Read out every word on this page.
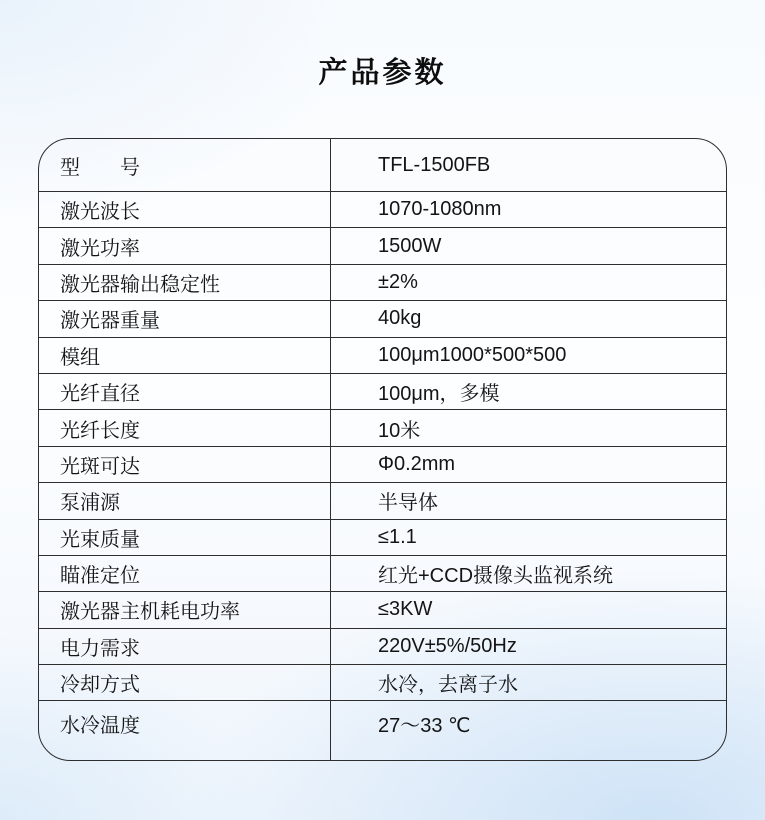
产品参数
型　　号	TFL-1500FB
激光波长	1070-1080nm
激光功率	1500W
激光器输出稳定性	±2%
激光器重量	40kg
模组	100μm1000*500*500
光纤直径	100μm，多模
光纤长度	10米
光斑可达	Φ0.2mm
泵浦源	半导体
光束质量	≤1.1
瞄准定位	红光+CCD摄像头监视系统
激光器主机耗电功率	≤3KW
电力需求	220V±5%/50Hz
冷却方式	水冷，去离子水
水冷温度	27～33 ℃
